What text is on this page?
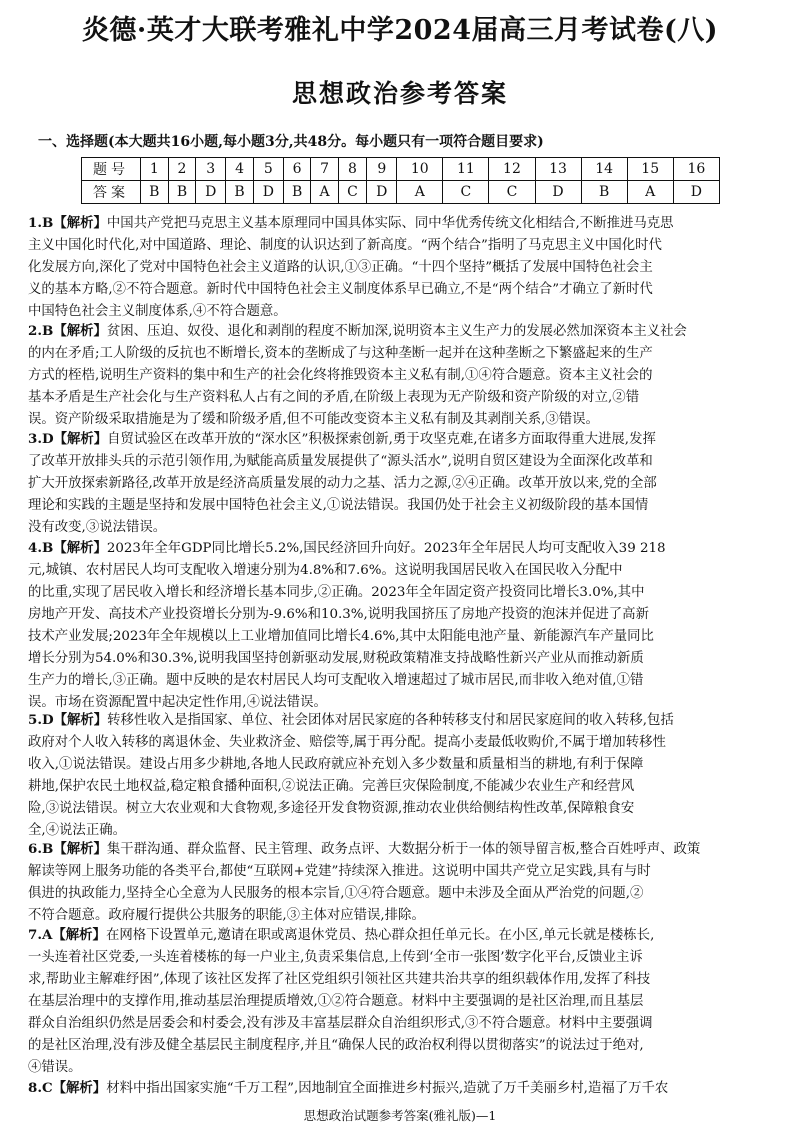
炎德·英才大联考雅礼中学2024届高三月考试卷(八)
思想政治参考答案
一、选择题(本大题共16小题,每小题3分,共48分。每小题只有一项符合题目要求)
题号	1	2	3	4	5	6	7	8	9	10	11	12	13	14	15	16
答案	B	B	D	B	D	B	A	C	D	A	C	C	D	B	A	D
1.B【解析】中国共产党把马克思主义基本原理同中国具体实际、同中华优秀传统文化相结合,不断推进马克思
主义中国化时代化,对中国道路、理论、制度的认识达到了新高度。“两个结合”指明了马克思主义中国化时代
化发展方向,深化了党对中国特色社会主义道路的认识,①③正确。“十四个坚持”概括了发展中国特色社会主
义的基本方略,②不符合题意。新时代中国特色社会主义制度体系早已确立,不是“两个结合”才确立了新时代
中国特色社会主义制度体系,④不符合题意。
2.B【解析】贫困、压迫、奴役、退化和剥削的程度不断加深,说明资本主义生产力的发展必然加深资本主义社会
的内在矛盾;工人阶级的反抗也不断增长,资本的垄断成了与这种垄断一起并在这种垄断之下繁盛起来的生产
方式的桎梏,说明生产资料的集中和生产的社会化终将推毁资本主义私有制,①④符合题意。资本主义社会的
基本矛盾是生产社会化与生产资料私人占有之间的矛盾,在阶级上表现为无产阶级和资产阶级的对立,②错
误。资产阶级采取措施是为了缓和阶级矛盾,但不可能改变资本主义私有制及其剥削关系,③错误。
3.D【解析】自贸试验区在改革开放的“深水区”积极探索创新,勇于攻坚克难,在诸多方面取得重大进展,发挥
了改革开放排头兵的示范引领作用,为赋能高质量发展提供了“源头活水”,说明自贸区建设为全面深化改革和
扩大开放探索新路径,改革开放是经济高质量发展的动力之基、活力之源,②④正确。改革开放以来,党的全部
理论和实践的主题是坚持和发展中国特色社会主义,①说法错误。我国仍处于社会主义初级阶段的基本国情
没有改变,③说法错误。
4.B【解析】2023年全年GDP同比增长5.2%,国民经济回升向好。2023年全年居民人均可支配收入39 218
元,城镇、农村居民人均可支配收入增速分别为4.8%和7.6%。这说明我国居民收入在国民收入分配中
的比重,实现了居民收入增长和经济增长基本同步,②正确。2023年全年固定资产投资同比增长3.0%,其中
房地产开发、高技术产业投资增长分别为-9.6%和10.3%,说明我国挤压了房地产投资的泡沫并促进了高新
技术产业发展;2023年全年规模以上工业增加值同比增长4.6%,其中太阳能电池产量、新能源汽车产量同比
增长分别为54.0%和30.3%,说明我国坚持创新驱动发展,财税政策精准支持战略性新兴产业从而推动新质
生产力的增长,③正确。题中反映的是农村居民人均可支配收入增速超过了城市居民,而非收入绝对值,①错
误。市场在资源配置中起决定性作用,④说法错误。
5.D【解析】转移性收入是指国家、单位、社会团体对居民家庭的各种转移支付和居民家庭间的收入转移,包括
政府对个人收入转移的离退休金、失业救济金、赔偿等,属于再分配。提高小麦最低收购价,不属于增加转移性
收入,①说法错误。建设占用多少耕地,各地人民政府就应补充划入多少数量和质量相当的耕地,有利于保障
耕地,保护农民土地权益,稳定粮食播种面积,②说法正确。完善巨灾保险制度,不能减少农业生产和经营风
险,③说法错误。树立大农业观和大食物观,多途径开发食物资源,推动农业供给侧结构性改革,保障粮食安
全,④说法正确。
6.B【解析】集干群沟通、群众监督、民主管理、政务点评、大数据分析于一体的领导留言板,整合百姓呼声、政策
解读等网上服务功能的各类平台,都使“互联网+党建”持续深入推进。这说明中国共产党立足实践,具有与时
俱进的执政能力,坚持全心全意为人民服务的根本宗旨,①④符合题意。题中未涉及全面从严治党的问题,②
不符合题意。政府履行提供公共服务的职能,③主体对应错误,排除。
7.A【解析】在网格下设置单元,邀请在职或离退休党员、热心群众担任单元长。在小区,单元长就是楼栋长,
一头连着社区党委,一头连着楼栋的每一户业主,负责采集信息,上传到‘全市一张图’数字化平台,反馈业主诉
求,帮助业主解难纾困”,体现了该社区发挥了社区党组织引领社区共建共治共享的组织载体作用,发挥了科技
在基层治理中的支撑作用,推动基层治理提质增效,①②符合题意。材料中主要强调的是社区治理,而且基层
群众自治组织仍然是居委会和村委会,没有涉及丰富基层群众自治组织形式,③不符合题意。材料中主要强调
的是社区治理,没有涉及健全基层民主制度程序,并且“确保人民的政治权利得以贯彻落实”的说法过于绝对,
④错误。
8.C【解析】材料中指出国家实施“千万工程”,因地制宜全面推进乡村振兴,造就了万千美丽乡村,造福了万千农
思想政治试题参考答案(雅礼版)—1
